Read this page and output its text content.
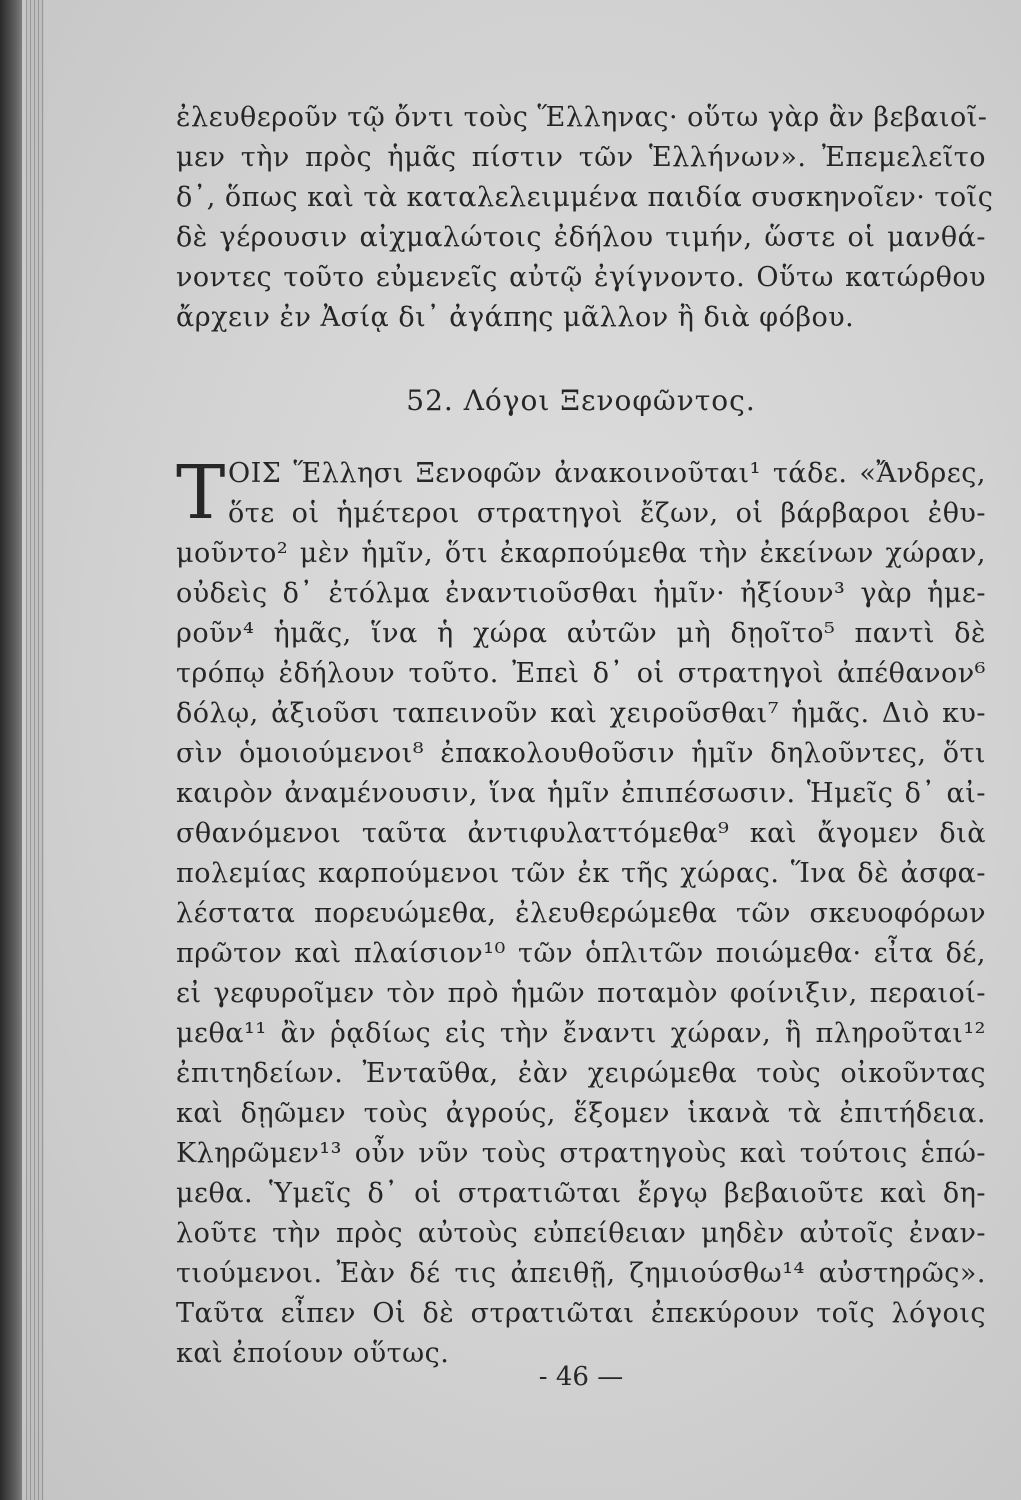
ἐλευθεροῦν τῷ ὄντι τοὺς Ἕλληνας· οὕτω γὰρ ἂν βεβαιοῖ-
μεν τὴν πρὸς ἡμᾶς πίστιν τῶν Ἑλλήνων». Ἐπεμελεῖτο
δ᾽, ὅπως καὶ τὰ καταλελειμμένα παιδία συσκηνοῖεν· τοῖς
δὲ γέρουσιν αἰχμαλώτοις ἐδήλου τιμήν, ὥστε οἱ μανθά-
νοντες τοῦτο εὐμενεῖς αὐτῷ ἐγίγνοντο. Οὕτω κατώρθου
ἄρχειν ἐν Ἀσίᾳ δι᾽ ἀγάπης μᾶλλον ἢ διὰ φόβου.
52. Λόγοι Ξενοφῶντος.
Τ ΟΙΣ Ἕλλησι Ξενοφῶν ἀνακοινοῦται¹ τάδε. «Ἄνδρες,
ὅτε οἱ ἡμέτεροι στρατηγοὶ ἔζων, οἱ βάρβαροι ἐθυ-
μοῦντο² μὲν ἡμῖν, ὅτι ἐκαρπούμεθα τὴν ἐκείνων χώραν,
οὐδεὶς δ᾽ ἐτόλμα ἐναντιοῦσθαι ἡμῖν· ἠξίουν³ γὰρ ἡμε-
ροῦν⁴ ἡμᾶς, ἵνα ἡ χώρα αὐτῶν μὴ δῃοῖτο⁵ παντὶ δὲ
τρόπῳ ἐδήλουν τοῦτο. Ἐπεὶ δ᾽ οἱ στρατηγοὶ ἀπέθανον⁶
δόλῳ, ἀξιοῦσι ταπεινοῦν καὶ χειροῦσθαι⁷ ἡμᾶς. Διὸ κυ-
σὶν ὁμοιούμενοι⁸ ἐπακολουθοῦσιν ἡμῖν δηλοῦντες, ὅτι
καιρὸν ἀναμένουσιν, ἵνα ἡμῖν ἐπιπέσωσιν. Ἡμεῖς δ᾽ αἰ-
σθανόμενοι ταῦτα ἀντιφυλαττόμεθα⁹ καὶ ἄγομεν διὰ
πολεμίας καρπούμενοι τῶν ἐκ τῆς χώρας. Ἵνα δὲ ἀσφα-
λέστατα πορευώμεθα, ἐλευθερώμεθα τῶν σκευοφόρων
πρῶτον καὶ πλαίσιον¹⁰ τῶν ὁπλιτῶν ποιώμεθα· εἶτα δέ,
εἰ γεφυροῖμεν τὸν πρὸ ἡμῶν ποταμὸν φοίνιξιν, περαιοί-
μεθα¹¹ ἂν ῥᾳδίως εἰς τὴν ἔναντι χώραν, ἣ πληροῦται¹²
ἐπιτηδείων. Ἐνταῦθα, ἐὰν χειρώμεθα τοὺς οἰκοῦντας
καὶ δῃῶμεν τοὺς ἀγρούς, ἕξομεν ἱκανὰ τὰ ἐπιτήδεια.
Κληρῶμεν¹³ οὖν νῦν τοὺς στρατηγοὺς καὶ τούτοις ἑπώ-
μεθα. Ὑμεῖς δ᾽ οἱ στρατιῶται ἔργῳ βεβαιοῦτε καὶ δη-
λοῦτε τὴν πρὸς αὐτοὺς εὐπείθειαν μηδὲν αὐτοῖς ἐναν-
τιούμενοι. Ἐὰν δέ τις ἀπειθῇ, ζημιούσθω¹⁴ αὐστηρῶς».
Ταῦτα εἶπεν Οἱ δὲ στρατιῶται ἐπεκύρουν τοῖς λόγοις
καὶ ἐποίουν οὕτως.
- 46 —
